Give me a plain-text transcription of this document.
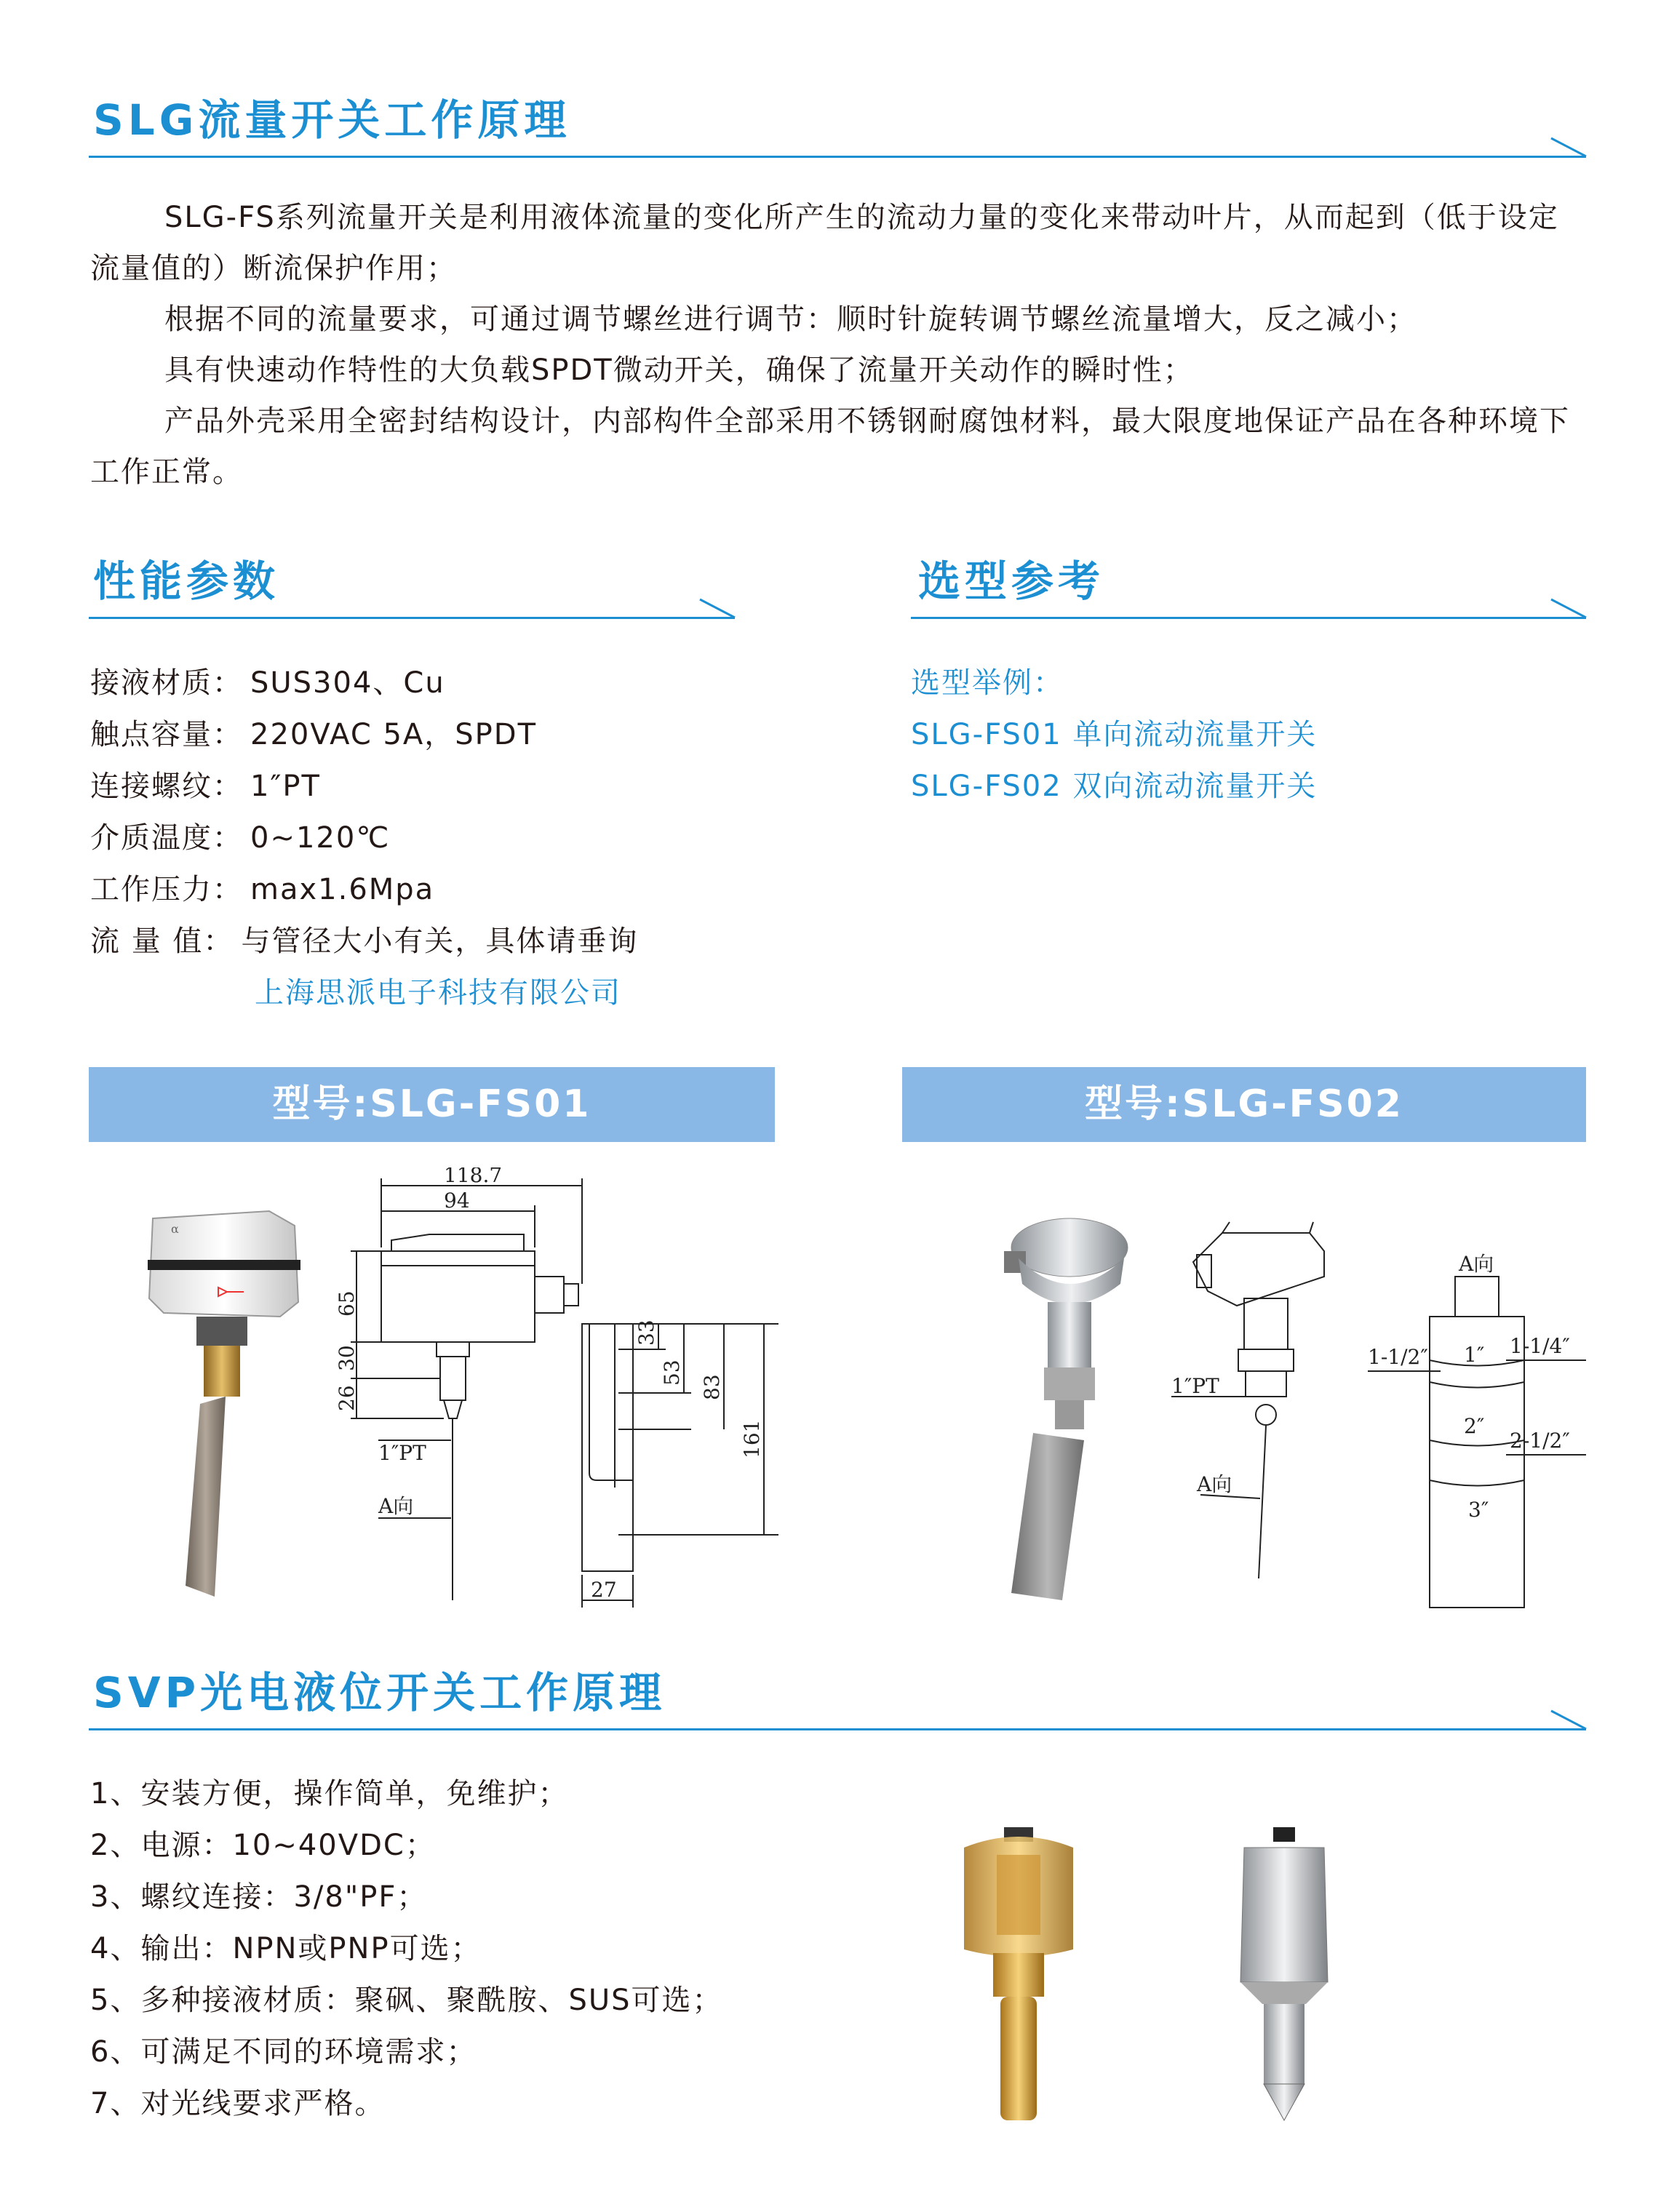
SLG流量开关工作原理
SLG-FS系列流量开关是利用液体流量的变化所产生的流动力量的变化来带动叶片，从而起到（低于设定流量值的）断流保护作用；
根据不同的流量要求，可通过调节螺丝进行调节：顺时针旋转调节螺丝流量增大，反之减小；
具有快速动作特性的大负载SPDT微动开关，确保了流量开关动作的瞬时性；
产品外壳采用全密封结构设计，内部构件全部采用不锈钢耐腐蚀材料，最大限度地保证产品在各种环境下工作正常。
性能参数
接液材质： SUS304、Cu
触点容量： 220VAC 5A，SPDT
连接螺纹： 1″PT
介质温度： 0~120℃
工作压力： max1.6Mpa
流 量 值： 与管径大小有关，具体请垂询
上海思派电子科技有限公司
选型参考
选型举例：
SLG-FS01 单向流动流量开关
SLG-FS02 双向流动流量开关
型号:SLG-FS01	型号:SLG-FS02
α
118.7
94
65
30
26
1″PT
A向
33
53
83
161
27
1″PT
A向
A向
1″ 1-1/4″
1-1/2″
2″
2-1/2″
3″
SVP光电液位开关工作原理
1、安装方便，操作简单，免维护；
2、电源：10~40VDC；
3、螺纹连接：3/8"PF；
4、输出：NPN或PNP可选；
5、多种接液材质：聚砜、聚酰胺、SUS可选；
6、可满足不同的环境需求；
7、对光线要求严格。
